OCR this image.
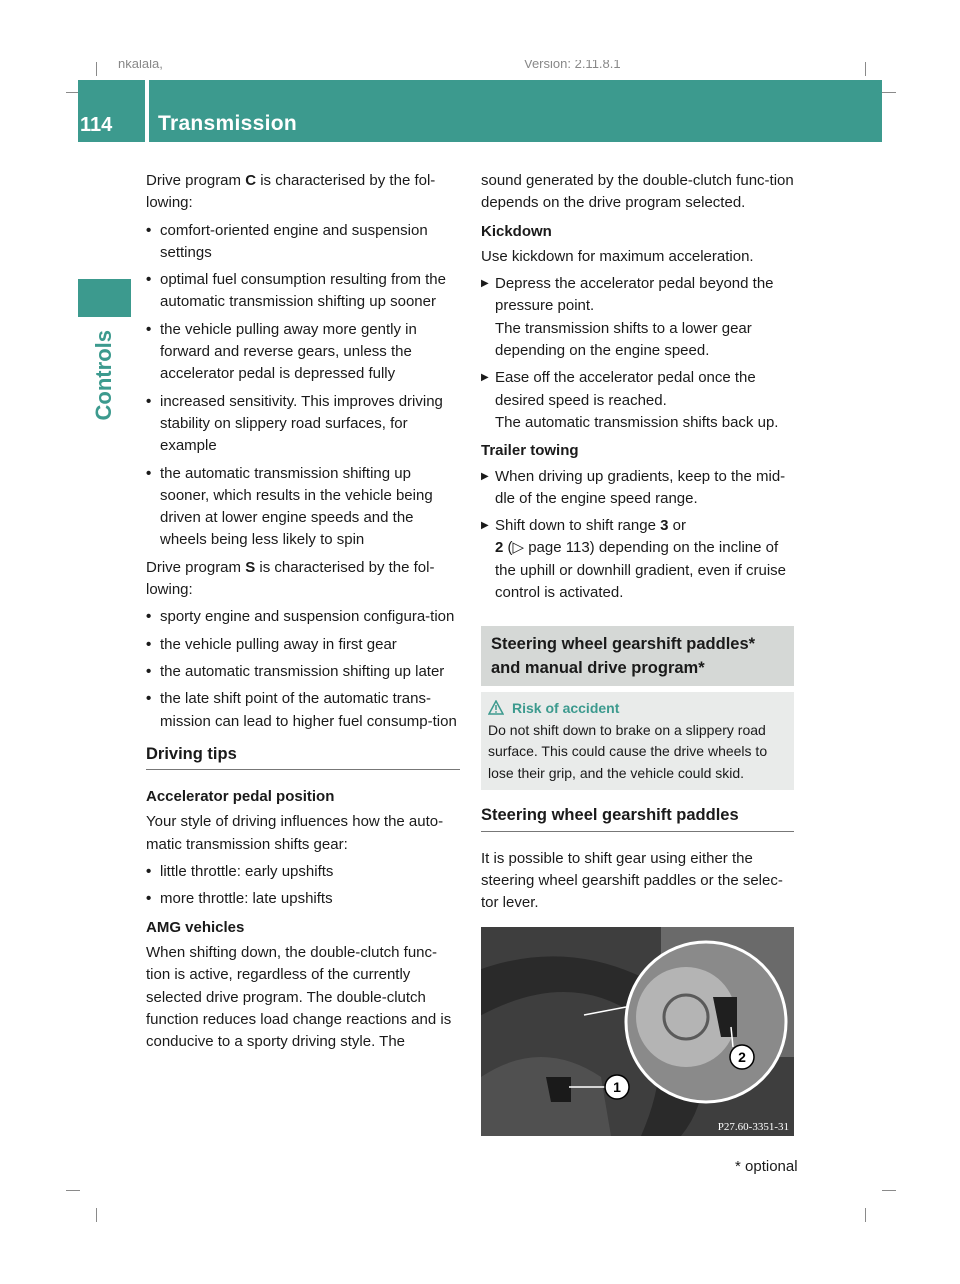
nkalala,	Version: 2.11.8.1
114 Transmission
Controls

Drive program C is characterised by the fol-lowing:

• comfort-oriented engine and suspension settings
• optimal fuel consumption resulting from the automatic transmission shifting up sooner
• the vehicle pulling away more gently in forward and reverse gears, unless the accelerator pedal is depressed fully
• increased sensitivity. This improves driving stability on slippery road surfaces, for example
• the automatic transmission shifting up sooner, which results in the vehicle being driven at lower engine speeds and the wheels being less likely to spin

Drive program S is characterised by the fol-lowing:

• sporty engine and suspension configura-tion
• the vehicle pulling away in first gear
• the automatic transmission shifting up later
• the late shift point of the automatic trans-mission can lead to higher fuel consump-tion
Driving tips
Accelerator pedal position

Your style of driving influences how the auto-matic transmission shifts gear:

• little throttle: early upshifts
• more throttle: late upshifts
AMG vehicles

When shifting down, the double-clutch func-tion is active, regardless of the currently selected drive program. The double-clutch function reduces load change reactions and is conducive to a sporty driving style. The

sound generated by the double-clutch func-tion depends on the drive program selected.

Kickdown

Use kickdown for maximum acceleration.

▶ Depress the accelerator pedal beyond the pressure point.
The transmission shifts to a lower gear depending on the engine speed.
▶ Ease off the accelerator pedal once the desired speed is reached.
The automatic transmission shifts back up.
Trailer towing
▶ When driving up gradients, keep to the mid-dle of the engine speed range.
▶ Shift down to shift range 3 or
2 (▷ page 113) depending on the incline of the uphill or downhill gradient, even if cruise control is activated.
Steering wheel gearshift paddles*
and manual drive program*
Risk of accident
Do not shift down to brake on a slippery road surface. This could cause the drive wheels to lose their grip, and the vehicle could skid.
Steering wheel gearshift paddles

It is possible to shift gear using either the steering wheel gearshift paddles or the selec-tor lever.

1
2
P27.60-3351-31
* optional
